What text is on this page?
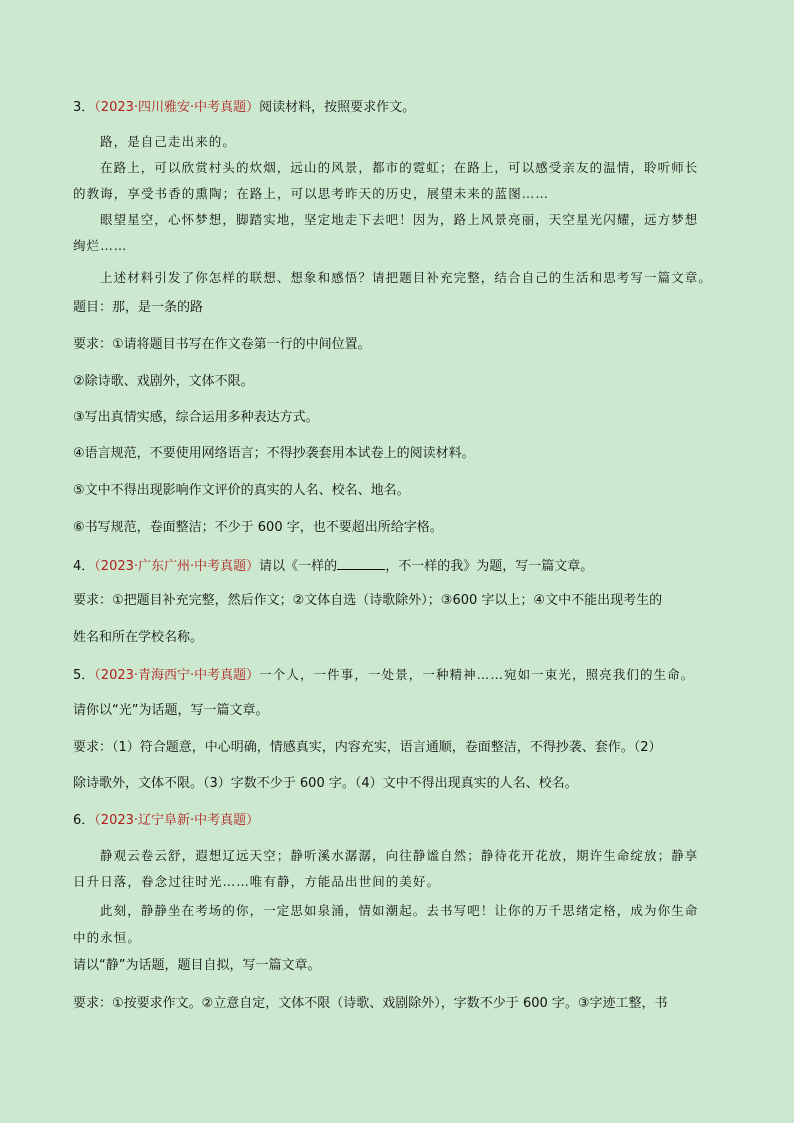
3．（2023·四川雅安·中考真题）阅读材料，按照要求作文。
路，是自己走出来的。
在路上，可以欣赏村头的炊烟，远山的风景，都市的霓虹；在路上，可以感受亲友的温情，聆听师长
的教诲，享受书香的熏陶；在路上，可以思考昨天的历史，展望未来的蓝图……
眼望星空，心怀梦想，脚踏实地，坚定地走下去吧！因为，路上风景亮丽，天空星光闪耀，远方梦想
绚烂……
上述材料引发了你怎样的联想、想象和感悟？请把题目补充完整，结合自己的生活和思考写一篇文章。
题目：那，是一条的路
要求：①请将题目书写在作文卷第一行的中间位置。
②除诗歌、戏剧外，文体不限。
③写出真情实感，综合运用多种表达方式。
④语言规范，不要使用网络语言；不得抄袭套用本试卷上的阅读材料。
⑤文中不得出现影响作文评价的真实的人名、校名、地名。
⑥书写规范，卷面整洁；不少于 600 字，也不要超出所给字格。
4．（2023·广东广州·中考真题）请以《一样的	，不一样的我》为题，写一篇文章。
要求：①把题目补充完整，然后作文；②文体自选（诗歌除外）；③600 字以上；④文中不能出现考生的
姓名和所在学校名称。
5．（2023·青海西宁·中考真题）一个人，一件事，一处景，一种精神……宛如一束光，照亮我们的生命。
请你以“光”为话题，写一篇文章。
要求：（1）符合题意，中心明确，情感真实，内容充实，语言通顺，卷面整洁，不得抄袭、套作。（2）
除诗歌外，文体不限。（3）字数不少于 600 字。（4）文中不得出现真实的人名、校名。
6．（2023·辽宁阜新·中考真题）
静观云卷云舒，遐想辽远天空；静听溪水潺潺，向往静谧自然；静待花开花放，期许生命绽放；静享
日升日落，眷念过往时光……唯有静，方能品出世间的美好。
此刻，静静坐在考场的你，一定思如泉涌，情如潮起。去书写吧！让你的万千思绪定格，成为你生命
中的永恒。
请以“静”为话题，题目自拟，写一篇文章。
要求：①按要求作文。②立意自定，文体不限（诗歌、戏剧除外），字数不少于 600 字。③字迹工整，书
